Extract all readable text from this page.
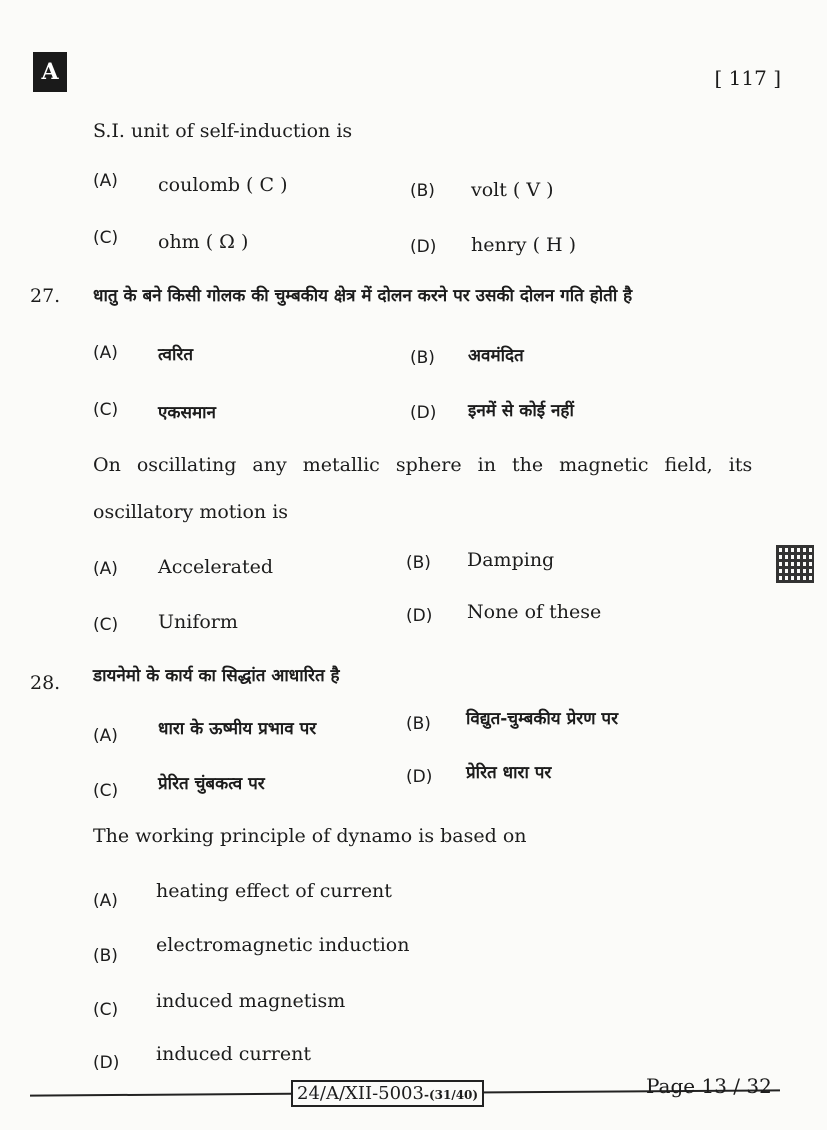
A	[ 117 ]
S.I. unit of self-induction is
(A) coulomb ( C )	(B) volt ( V )
(C) ohm ( Ω )	(D) henry ( H )
27. धातु के बने किसी गोलक की चुम्बकीय क्षेत्र में दोलन करने पर उसकी दोलन गति होती है
(A) त्वरित	(B) अवमंदित
(C) एकसमान	(D) इनमें से कोई नहीं
On oscillating any metallic sphere in the magnetic field, its
oscillatory motion is
(A) Accelerated	(B) Damping
(C) Uniform	(D) None of these
28. डायनेमो के कार्य का सिद्धांत आधारित है
(A) धारा के ऊष्मीय प्रभाव पर	(B) विद्युत-चुम्बकीय प्रेरण पर
(C) प्रेरित चुंबकत्व पर	(D) प्रेरित धारा पर
The working principle of dynamo is based on
(A) heating effect of current
(B) electromagnetic induction
(C) induced magnetism
(D) induced current
24/A/XII-5003-(31/40)	Page 13 / 32
